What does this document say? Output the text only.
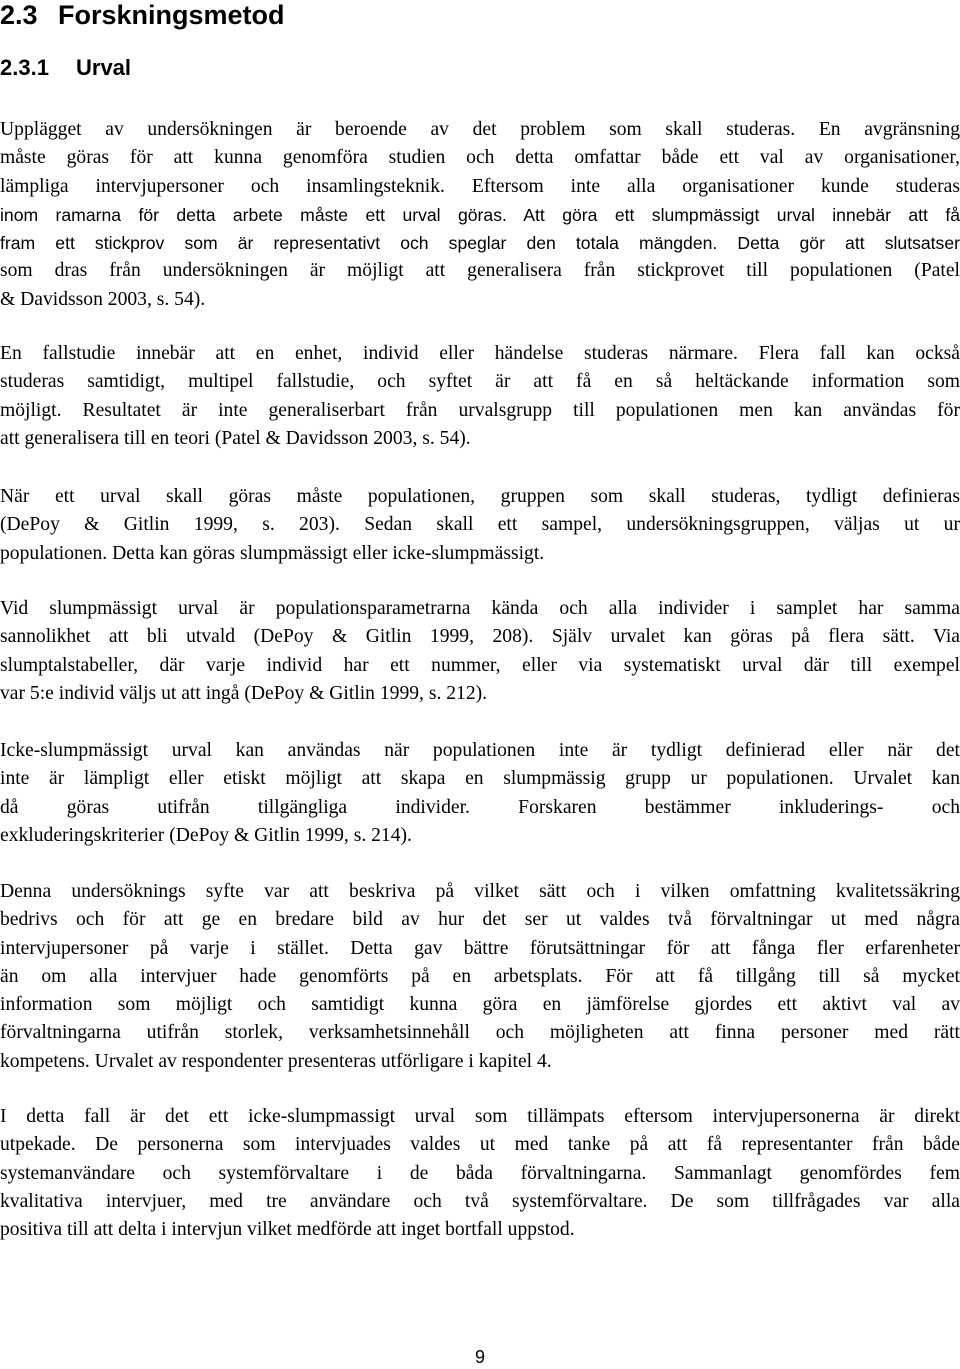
2.3 Forskningsmetod
2.3.1 Urval
Upplägget av undersökningen är beroende av det problem som skall studeras. En avgränsning
måste göras för att kunna genomföra studien och detta omfattar både ett val av organisationer,
lämpliga intervjupersoner och insamlingsteknik. Eftersom inte alla organisationer kunde studeras
inom ramarna för detta arbete måste ett urval göras. Att göra ett slumpmässigt urval innebär att få
fram ett stickprov som är representativt och speglar den totala mängden. Detta gör att slutsatser
som dras från undersökningen är möjligt att generalisera från stickprovet till populationen (Patel
& Davidsson 2003, s. 54).
En fallstudie innebär att en enhet, individ eller händelse studeras närmare. Flera fall kan också
studeras samtidigt, multipel fallstudie, och syftet är att få en så heltäckande information som
möjligt. Resultatet är inte generaliserbart från urvalsgrupp till populationen men kan användas för
att generalisera till en teori (Patel & Davidsson 2003, s. 54).
När ett urval skall göras måste populationen, gruppen som skall studeras, tydligt definieras
(DePoy & Gitlin 1999, s. 203). Sedan skall ett sampel, undersökningsgruppen, väljas ut ur
populationen. Detta kan göras slumpmässigt eller icke-slumpmässigt.
Vid slumpmässigt urval är populationsparametrarna kända och alla individer i samplet har samma
sannolikhet att bli utvald (DePoy & Gitlin 1999, 208). Själv urvalet kan göras på flera sätt. Via
slumptalstabeller, där varje individ har ett nummer, eller via systematiskt urval där till exempel
var 5:e individ väljs ut att ingå (DePoy & Gitlin 1999, s. 212).
Icke-slumpmässigt urval kan användas när populationen inte är tydligt definierad eller när det
inte är lämpligt eller etiskt möjligt att skapa en slumpmässig grupp ur populationen. Urvalet kan
då göras utifrån tillgängliga individer. Forskaren bestämmer inkluderings- och
exkluderingskriterier (DePoy & Gitlin 1999, s. 214).
Denna undersöknings syfte var att beskriva på vilket sätt och i vilken omfattning kvalitetssäkring
bedrivs och för att ge en bredare bild av hur det ser ut valdes två förvaltningar ut med några
intervjupersoner på varje i stället. Detta gav bättre förutsättningar för att fånga fler erfarenheter
än om alla intervjuer hade genomförts på en arbetsplats. För att få tillgång till så mycket
information som möjligt och samtidigt kunna göra en jämförelse gjordes ett aktivt val av
förvaltningarna utifrån storlek, verksamhetsinnehåll och möjligheten att finna personer med rätt
kompetens. Urvalet av respondenter presenteras utförligare i kapitel 4.
I detta fall är det ett icke-slumpmassigt urval som tillämpats eftersom intervjupersonerna är direkt
utpekade. De personerna som intervjuades valdes ut med tanke på att få representanter från både
systemanvändare och systemförvaltare i de båda förvaltningarna. Sammanlagt genomfördes fem
kvalitativa intervjuer, med tre användare och två systemförvaltare. De som tillfrågades var alla
positiva till att delta i intervjun vilket medförde att inget bortfall uppstod.
9
